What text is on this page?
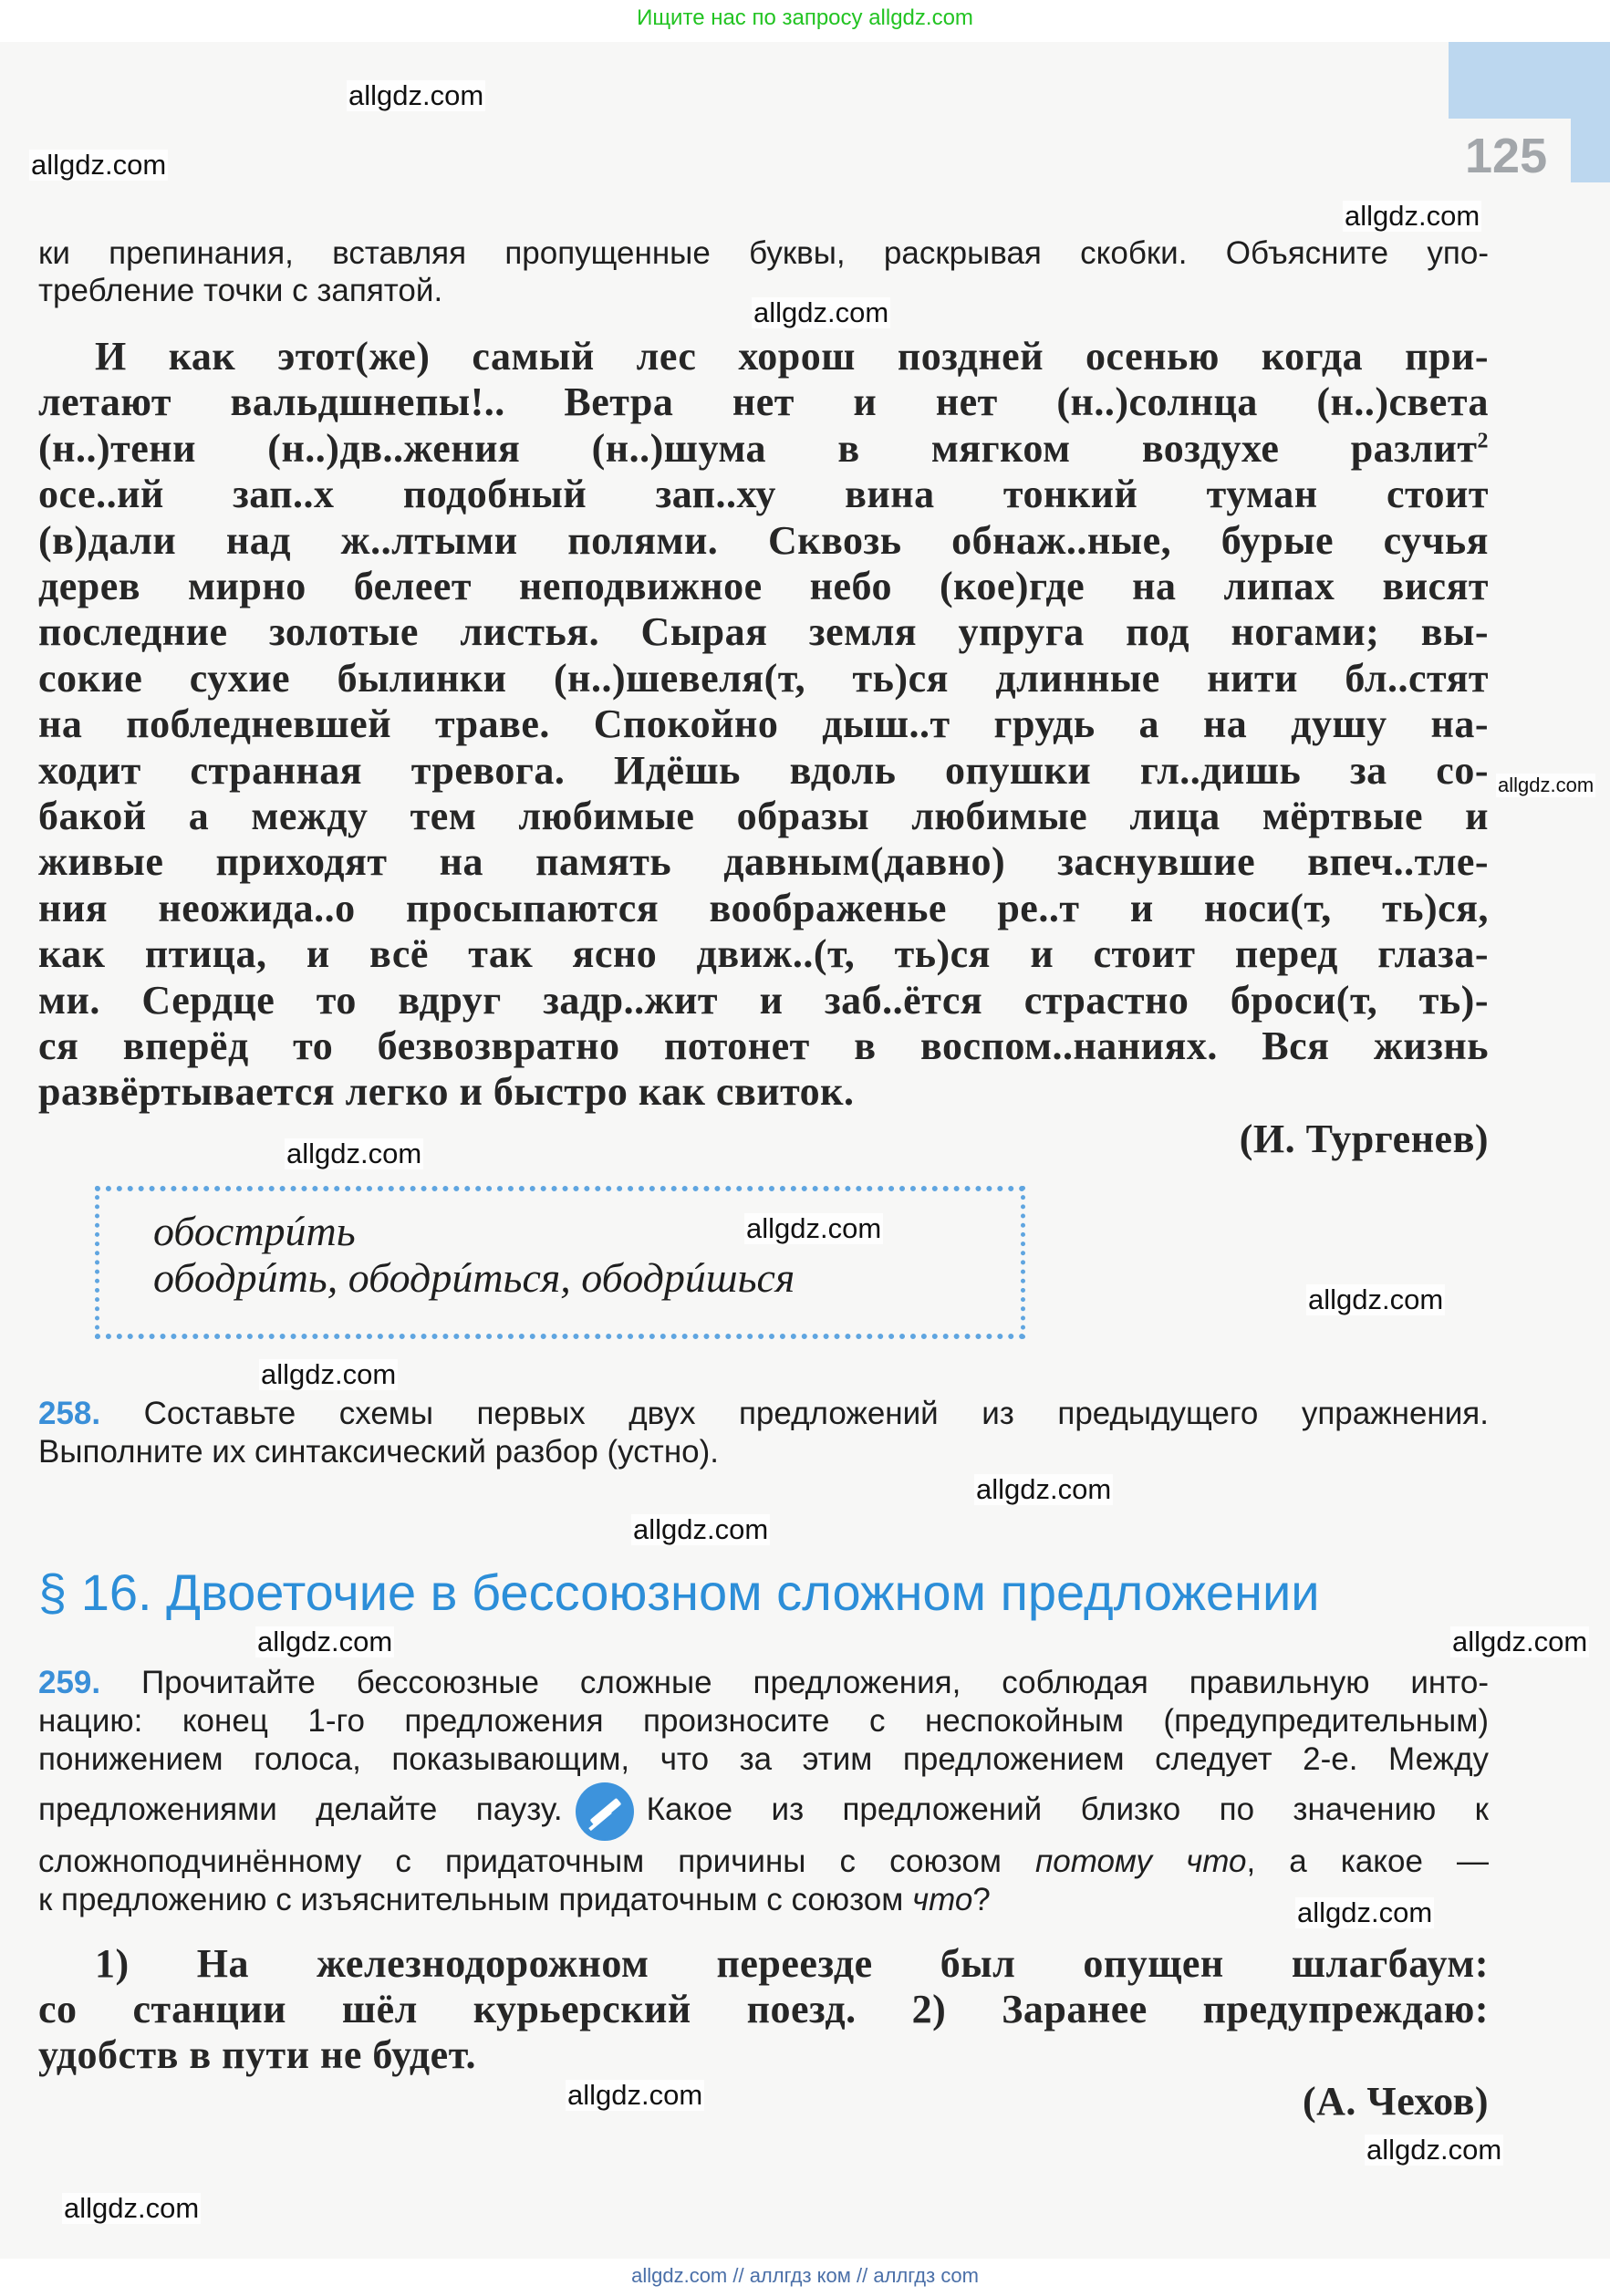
Ищите нас по запросу allgdz.com
125
ки препинания, вставляя пропущенные буквы, раскрывая скобки. Объясните упо-
требление точки с запятой.
И как этот(же) самый лес хорош поздней осенью когда при-
летают вальдшнепы!.. Ветра нет и нет (н..)солнца (н..)света
(н..)тени (н..)дв..жения (н..)шума в мягком воздухе разлит$^2$
осе..ий зап..х подобный зап..ху вина тонкий туман стоит
(в)дали над ж..лтыми полями. Сквозь обнаж..ные, бурые сучья
дерев мирно белеет неподвижное небо (кое)где на липах висят
последние золотые листья. Сырая земля упруга под ногами; вы-
сокие сухие былинки (н..)шевеля(т, ть)ся длинные нити бл..стят
на побледневшей траве. Спокойно дыш..т грудь а на душу на-
ходит странная тревога. Идёшь вдоль опушки гл..дишь за со-
бакой а между тем любимые образы любимые лица мёртвые и
живые приходят на память давным(давно) заснувшие впеч..тле-
ния неожида..о просыпаются воображенье ре..т и носи(т, ть)ся,
как птица, и всё так ясно движ..(т, ть)ся и стоит перед глаза-
ми. Сердце то вдруг задр..жит и заб..ётся страстно броси(т, ть)-
ся вперёд то безвозвратно потонет в воспом..наниях. Вся жизнь
развёртывается легко и быстро как свиток.
(И. Тургенев)
обострúть
ободрúть, ободрúться, ободрúшься
258. Составьте схемы первых двух предложений из предыдущего упражнения.
Выполните их синтаксический разбор (устно).
§ 16. Двоеточие в бессоюзном сложном предложении
259. Прочитайте бессоюзные сложные предложения, соблюдая правильную инто-
нацию: конец 1-го предложения произносите с неспокойным (предупредительным)
понижением голоса, показывающим, что за этим предложением следует 2-е. Между
предложениями делайте паузу.	Какое из предложений близко по значению к
сложноподчинённому с придаточным причины с союзом потому что, а какое —
к предложению с изъяснительным придаточным с союзом что?
1) На железнодорожном переезде был опущен шлагбаум:
со станции шёл курьерский поезд. 2) Заранее предупреждаю:
удобств в пути не будет.
(А. Чехов)
allgdz.com
allgdz.com
allgdz.com
allgdz.com
allgdz.com
allgdz.com
allgdz.com
allgdz.com
allgdz.com
allgdz.com
allgdz.com
allgdz.com
allgdz.com
allgdz.com
allgdz.com
allgdz.com
allgdz.com
allgdz.com // аллгдз ком // аллгдз com
